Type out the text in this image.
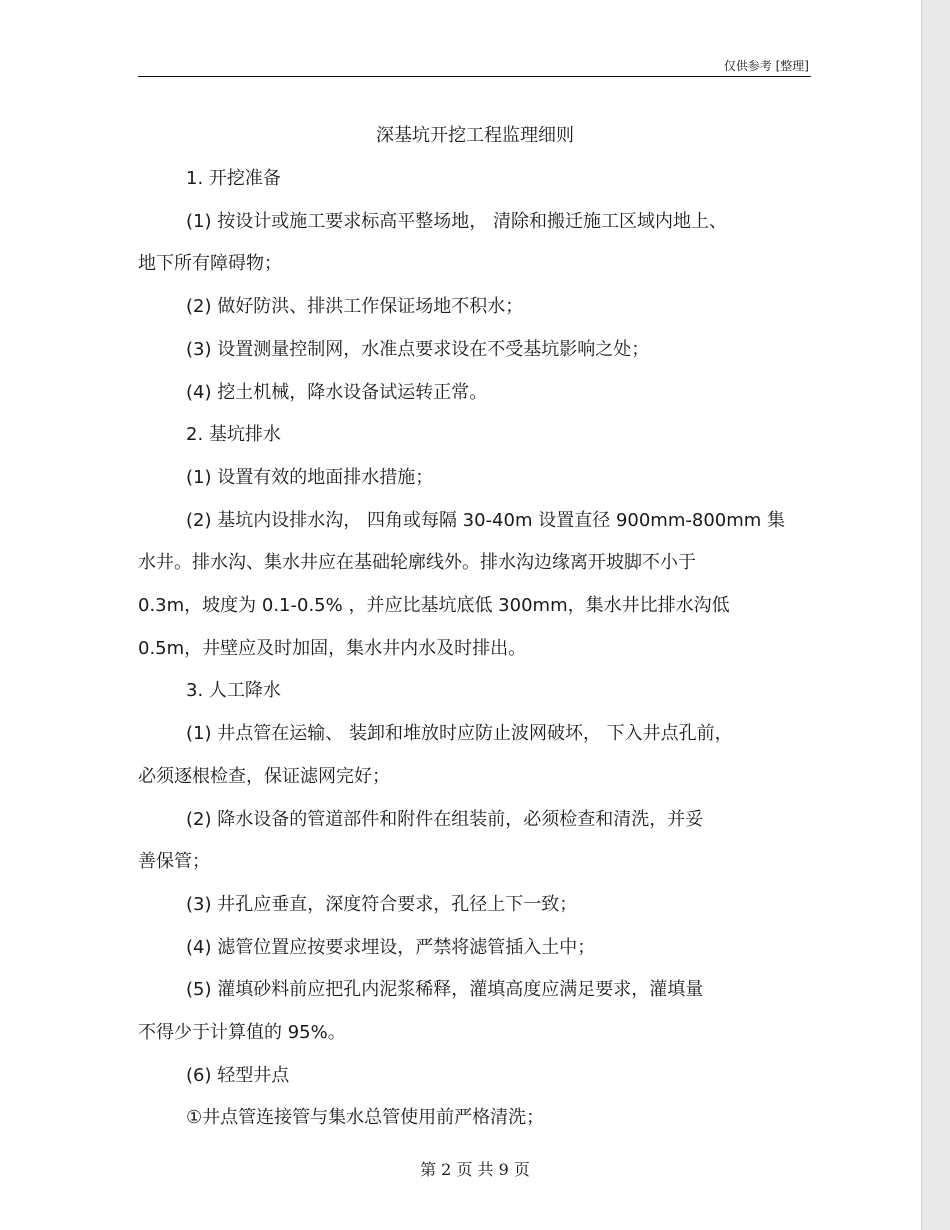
仅供参考 [整理]
深基坑开挖工程监理细则

1. 开挖准备

(1) 按设计或施工要求标高平整场地， 清除和搬迁施工区域内地上、

地下所有障碍物；

(2) 做好防洪、排洪工作保证场地不积水；

(3) 设置测量控制网，水准点要求设在不受基坑影响之处；

(4) 挖土机械，降水设备试运转正常。

2. 基坑排水

(1) 设置有效的地面排水措施；

(2) 基坑内设排水沟， 四角或每隔 30-40m 设置直径 900mm-800mm 集

水井。排水沟、集水井应在基础轮廓线外。排水沟边缘离开坡脚不小于

0.3m，坡度为 0.1-0.5% ，并应比基坑底低 300mm，集水井比排水沟低

0.5m，井壁应及时加固，集水井内水及时排出。

3. 人工降水

(1) 井点管在运输、 装卸和堆放时应防止波网破坏， 下入井点孔前，

必须逐根检查，保证滤网完好；

(2) 降水设备的管道部件和附件在组装前，必须检查和清洗，并妥

善保管；

(3) 井孔应垂直，深度符合要求，孔径上下一致；

(4) 滤管位置应按要求埋设，严禁将滤管插入土中；

(5) 灌填砂料前应把孔内泥浆稀释，灌填高度应满足要求，灌填量

不得少于计算值的 95%。

(6) 轻型井点

①井点管连接管与集水总管使用前严格清洗；

第 2 页 共 9 页
